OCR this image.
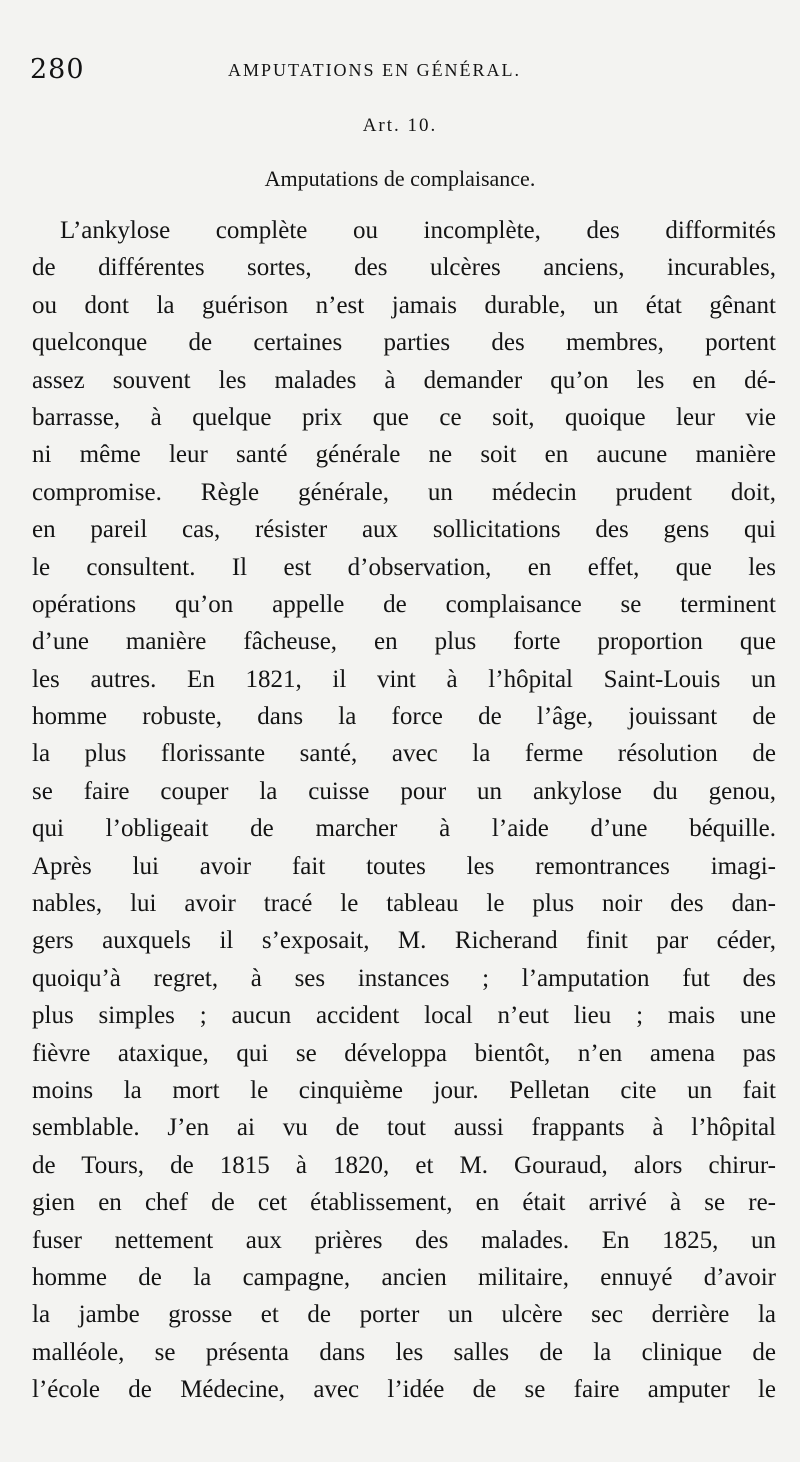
280	AMPUTATIONS EN GÉNÉRAL.
Art. 10.
Amputations de complaisance.
L’ankylose complète ou incomplète, des difformités
de différentes sortes, des ulcères anciens, incurables,
ou dont la guérison n’est jamais durable, un état gênant
quelconque de certaines parties des membres, portent
assez souvent les malades à demander qu’on les en dé-
barrasse, à quelque prix que ce soit, quoique leur vie
ni même leur santé générale ne soit en aucune manière
compromise. Règle générale, un médecin prudent doit,
en pareil cas, résister aux sollicitations des gens qui
le consultent. Il est d’observation, en effet, que les
opérations qu’on appelle de complaisance se terminent
d’une manière fâcheuse, en plus forte proportion que
les autres. En 1821, il vint à l’hôpital Saint-Louis un
homme robuste, dans la force de l’âge, jouissant de
la plus florissante santé, avec la ferme résolution de
se faire couper la cuisse pour un ankylose du genou,
qui l’obligeait de marcher à l’aide d’une béquille.
Après lui avoir fait toutes les remontrances imagi-
nables, lui avoir tracé le tableau le plus noir des dan-
gers auxquels il s’exposait, M. Richerand finit par céder,
quoiqu’à regret, à ses instances ; l’amputation fut des
plus simples ; aucun accident local n’eut lieu ; mais une
fièvre ataxique, qui se développa bientôt, n’en amena pas
moins la mort le cinquième jour. Pelletan cite un fait
semblable. J’en ai vu de tout aussi frappants à l’hôpital
de Tours, de 1815 à 1820, et M. Gouraud, alors chirur-
gien en chef de cet établissement, en était arrivé à se re-
fuser nettement aux prières des malades. En 1825, un
homme de la campagne, ancien militaire, ennuyé d’avoir
la jambe grosse et de porter un ulcère sec derrière la
malléole, se présenta dans les salles de la clinique de
l’école de Médecine, avec l’idée de se faire amputer le
